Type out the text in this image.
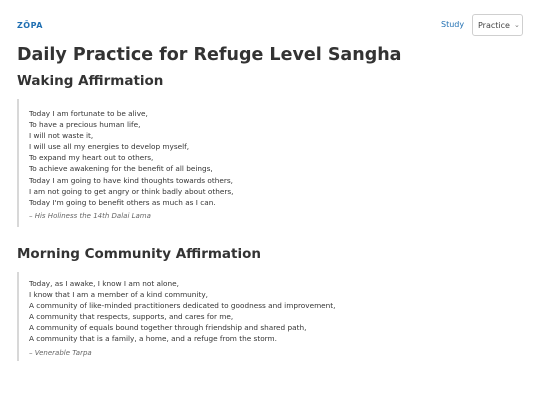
ZŌPA	Study Practice ⌄
Daily Practice for Refuge Level Sangha
Waking Affirmation
Today I am fortunate to be alive,
To have a precious human life,
I will not waste it,
I will use all my energies to develop myself,
To expand my heart out to others,
To achieve awakening for the benefit of all beings,
Today I am going to have kind thoughts towards others,
I am not going to get angry or think badly about others,
Today I'm going to benefit others as much as I can.
– His Holiness the 14th Dalai Lama
Morning Community Affirmation
Today, as I awake, I know I am not alone,
I know that I am a member of a kind community,
A community of like-minded practitioners dedicated to goodness and improvement,
A community that respects, supports, and cares for me,
A community of equals bound together through friendship and shared path,
A community that is a family, a home, and a refuge from the storm.
– Venerable Tarpa
